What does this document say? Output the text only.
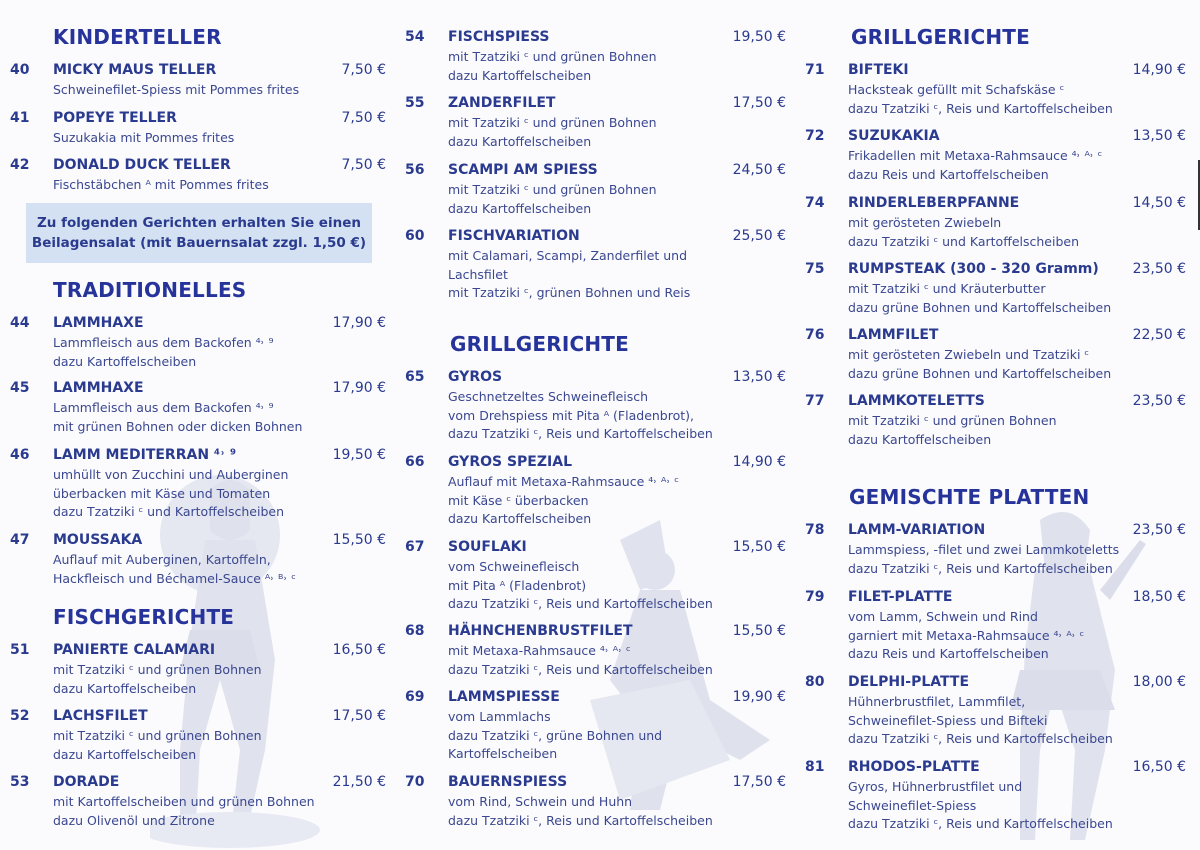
KINDERTELLER
40	MICKY MAUS TELLER	7,50 €
Schweinefilet-Spiess mit Pommes frites
41	POPEYE TELLER	7,50 €
Suzukakia mit Pommes frites
42	DONALD DUCK TELLER	7,50 €
Fischstäbchen ᴬ mit Pommes frites
Zu folgenden Gerichten erhalten Sie einen
Beilagensalat (mit Bauernsalat zzgl. 1,50 €)
TRADITIONELLES
44	LAMMHAXE	17,90 €
Lammfleisch aus dem Backofen ⁴˒ ⁹
dazu Kartoffelscheiben
45	LAMMHAXE	17,90 €
Lammfleisch aus dem Backofen ⁴˒ ⁹
mit grünen Bohnen oder dicken Bohnen
46	LAMM MEDITERRAN ⁴˒ ⁹	19,50 €
umhüllt von Zucchini und Auberginen
überbacken mit Käse und Tomaten
dazu Tzatziki ᶜ und Kartoffelscheiben
47	MOUSSAKA	15,50 €
Auflauf mit Auberginen, Kartoffeln,
Hackfleisch und Béchamel-Sauce ᴬ˒ ᴮ˒ ᶜ
FISCHGERICHTE
51	PANIERTE CALAMARI	16,50 €
mit Tzatziki ᶜ und grünen Bohnen
dazu Kartoffelscheiben
52	LACHSFILET	17,50 €
mit Tzatziki ᶜ und grünen Bohnen
dazu Kartoffelscheiben
53	DORADE	21,50 €
mit Kartoffelscheiben und grünen Bohnen
dazu Olivenöl und Zitrone
54	FISCHSPIESS	19,50 €
mit Tzatziki ᶜ und grünen Bohnen
dazu Kartoffelscheiben
55	ZANDERFILET	17,50 €
mit Tzatziki ᶜ und grünen Bohnen
dazu Kartoffelscheiben
56	SCAMPI AM SPIESS	24,50 €
mit Tzatziki ᶜ und grünen Bohnen
dazu Kartoffelscheiben
60	FISCHVARIATION	25,50 €
mit Calamari, Scampi, Zanderfilet und
Lachsfilet
mit Tzatziki ᶜ, grünen Bohnen und Reis
GRILLGERICHTE
65	GYROS	13,50 €
Geschnetzeltes Schweinefleisch
vom Drehspiess mit Pita ᴬ (Fladenbrot),
dazu Tzatziki ᶜ, Reis und Kartoffelscheiben
66	GYROS SPEZIAL	14,90 €
Auflauf mit Metaxa-Rahmsauce ⁴˒ ᴬ˒ ᶜ
mit Käse ᶜ überbacken
dazu Kartoffelscheiben
67	SOUFLAKI	15,50 €
vom Schweinefleisch
mit Pita ᴬ (Fladenbrot)
dazu Tzatziki ᶜ, Reis und Kartoffelscheiben
68	HÄHNCHENBRUSTFILET	15,50 €
mit Metaxa-Rahmsauce ⁴˒ ᴬ˒ ᶜ
dazu Tzatziki ᶜ, Reis und Kartoffelscheiben
69	LAMMSPIESSE	19,90 €
vom Lammlachs
dazu Tzatziki ᶜ, grüne Bohnen und
Kartoffelscheiben
70	BAUERNSPIESS	17,50 €
vom Rind, Schwein und Huhn
dazu Tzatziki ᶜ, Reis und Kartoffelscheiben
GRILLGERICHTE
71	BIFTEKI	14,90 €
Hacksteak gefüllt mit Schafskäse ᶜ
dazu Tzatziki ᶜ, Reis und Kartoffelscheiben
72	SUZUKAKIA	13,50 €
Frikadellen mit Metaxa-Rahmsauce ⁴˒ ᴬ˒ ᶜ
dazu Reis und Kartoffelscheiben
74	RINDERLEBERPFANNE	14,50 €
mit gerösteten Zwiebeln
dazu Tzatziki ᶜ und Kartoffelscheiben
75	RUMPSTEAK (300 - 320 Gramm) 23,50 €
mit Tzatziki ᶜ und Kräuterbutter
dazu grüne Bohnen und Kartoffelscheiben
76	LAMMFILET	22,50 €
mit gerösteten Zwiebeln und Tzatziki ᶜ
dazu grüne Bohnen und Kartoffelscheiben
77	LAMMKOTELETTS	23,50 €
mit Tzatziki ᶜ und grünen Bohnen
dazu Kartoffelscheiben
GEMISCHTE PLATTEN
78	LAMM-VARIATION	23,50 €
Lammspiess, -filet und zwei Lammkoteletts
dazu Tzatziki ᶜ, Reis und Kartoffelscheiben
79	FILET-PLATTE	18,50 €
vom Lamm, Schwein und Rind
garniert mit Metaxa-Rahmsauce ⁴˒ ᴬ˒ ᶜ
dazu Reis und Kartoffelscheiben
80	DELPHI-PLATTE	18,00 €
Hühnerbrustfilet, Lammfilet,
Schweinefilet-Spiess und Bifteki
dazu Tzatziki ᶜ, Reis und Kartoffelscheiben
81	RHODOS-PLATTE	16,50 €
Gyros, Hühnerbrustfilet und
Schweinefilet-Spiess
dazu Tzatziki ᶜ, Reis und Kartoffelscheiben
